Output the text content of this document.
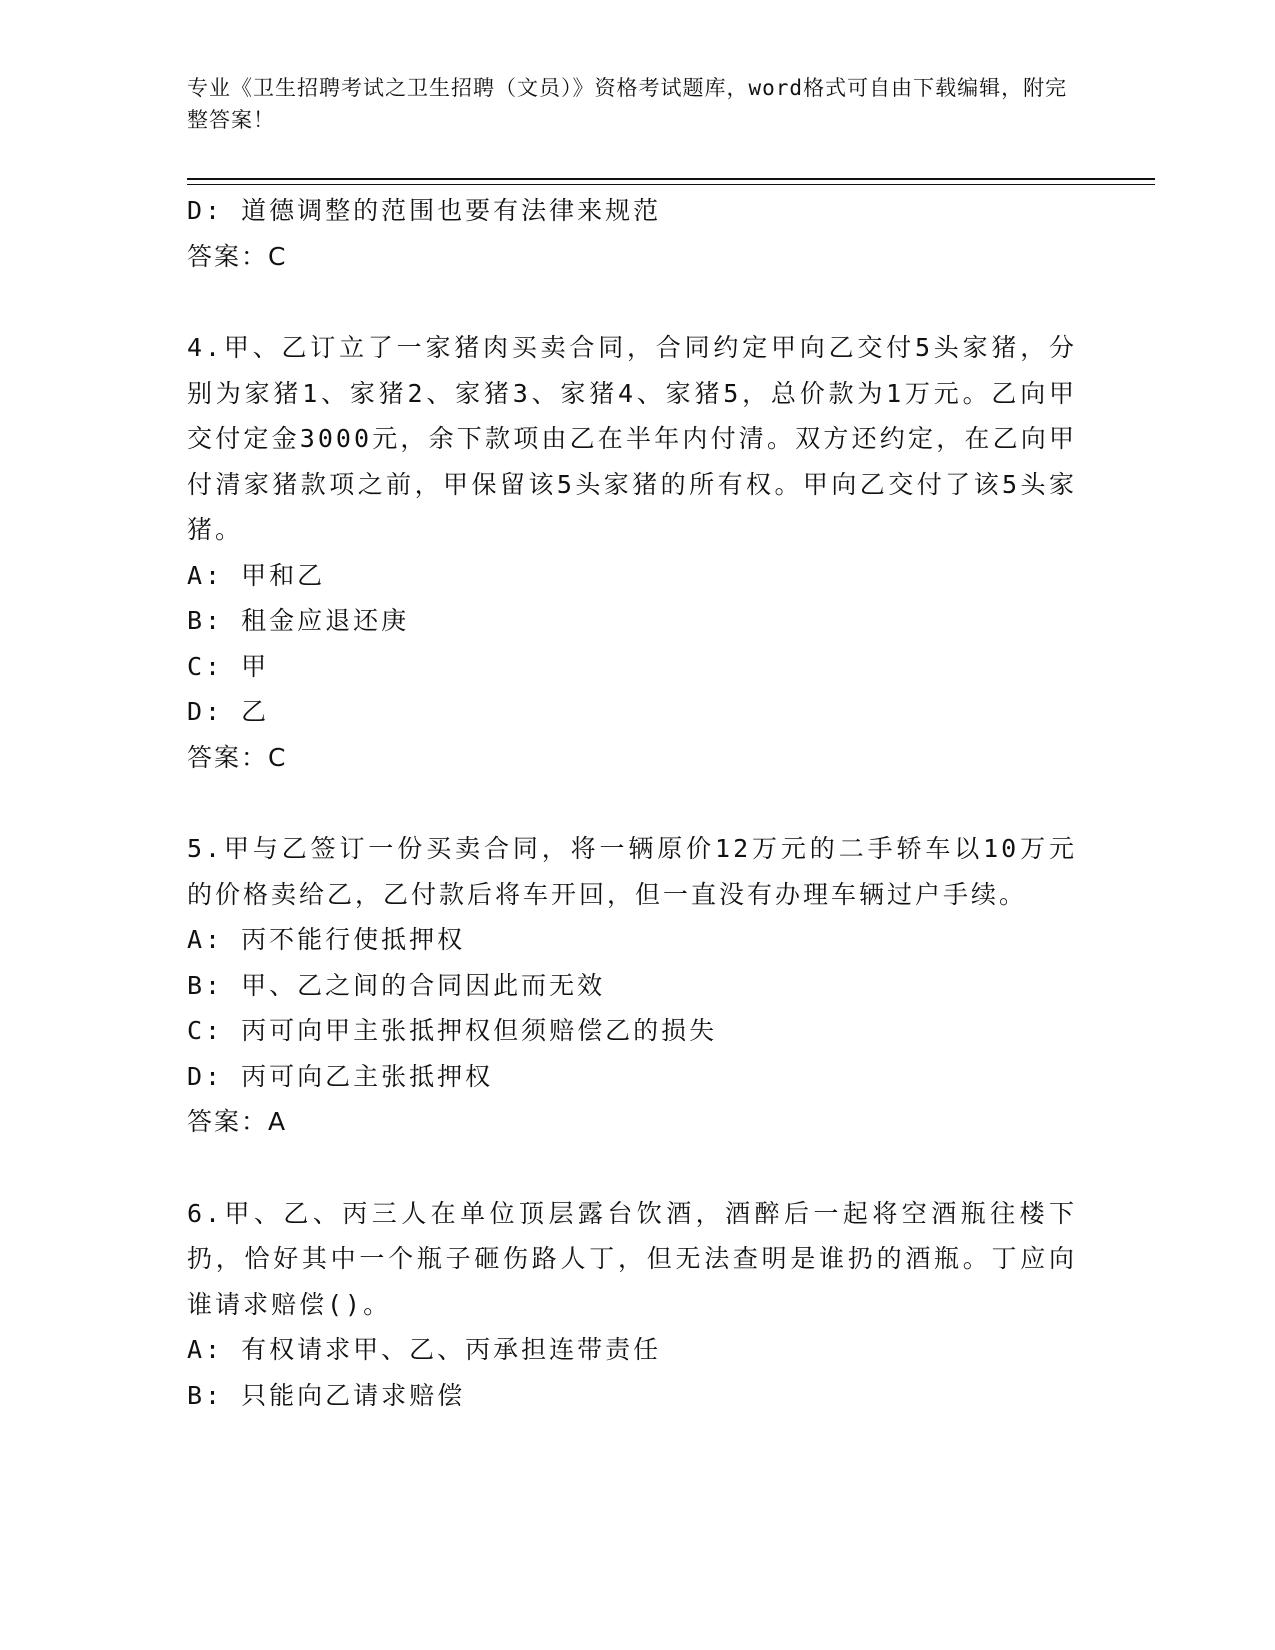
专业《卫生招聘考试之卫生招聘（文员）》资格考试题库，word格式可自由下载编辑，附完整答案！
D: 道德调整的范围也要有法律来规范
答案：C
4.甲、乙订立了一家猪肉买卖合同，合同约定甲向乙交付5头家猪，分别为家猪1、家猪2、家猪3、家猪4、家猪5，总价款为1万元。乙向甲交付定金3000元，余下款项由乙在半年内付清。双方还约定，在乙向甲付清家猪款项之前，甲保留该5头家猪的所有权。甲向乙交付了该5头家猪。
A: 甲和乙
B: 租金应退还庚
C: 甲
D: 乙
答案：C
5.甲与乙签订一份买卖合同，将一辆原价12万元的二手轿车以10万元的价格卖给乙，乙付款后将车开回，但一直没有办理车辆过户手续。
A: 丙不能行使抵押权
B: 甲、乙之间的合同因此而无效
C: 丙可向甲主张抵押权但须赔偿乙的损失
D: 丙可向乙主张抵押权
答案：A
6.甲、乙、丙三人在单位顶层露台饮酒，酒醉后一起将空酒瓶往楼下扔，恰好其中一个瓶子砸伤路人丁，但无法查明是谁扔的酒瓶。丁应向谁请求赔偿()。
A: 有权请求甲、乙、丙承担连带责任
B: 只能向乙请求赔偿
